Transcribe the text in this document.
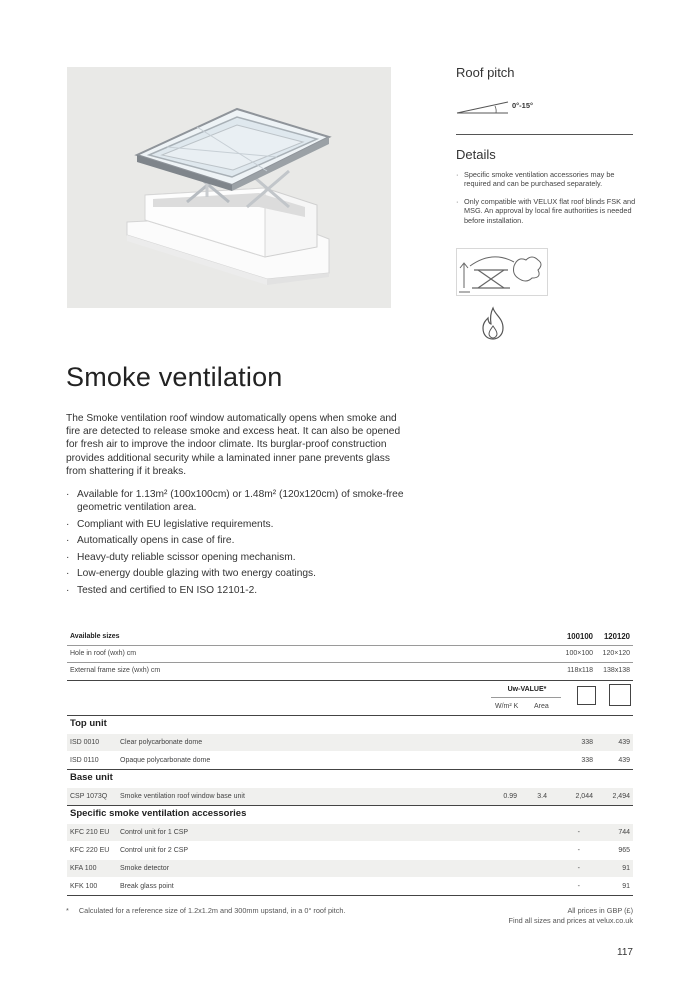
Roof pitch
0°-15°
Details
· Specific smoke ventilation accessories may be required and can be purchased separately.
· Only compatible with VELUX flat roof blinds FSK and MSG. An approval by local fire authorities is needed before installation.
Smoke ventilation
The Smoke ventilation roof window automatically opens when smoke and fire are detected to release smoke and excess heat. It can also be opened for fresh air to improve the indoor climate. Its burglar-proof construction provides additional security while a laminated inner pane prevents glass from shattering if it breaks.
· Available for 1.13m² (100x100cm) or 1.48m² (120x120cm) of smoke-free geometric ventilation area.
· Compliant with EU legislative requirements.
· Automatically opens in case of fire.
· Heavy-duty reliable scissor opening mechanism.
· Low-energy double glazing with two energy coatings.
· Tested and certified to EN ISO 12101-2.
Available sizes	100100	120120
Hole in roof (wxh) cm	100×100	120×120
External frame size (wxh) cm	118x118	138x138
Uw-VALUE*
W/m² K Area
Top unit
ISD 0010	Clear polycarbonate dome	338	439
ISD 0110	Opaque polycarbonate dome	338	439
Base unit
CSP 1073Q Smoke ventilation roof window base unit	0.99	3.4	2,044	2,494
Specific smoke ventilation accessories
KFC 210 EU Control unit for 1 CSP	-	744
KFC 220 EU Control unit for 2 CSP	-	965
KFA 100	Smoke detector	-	91
KFK 100	Break glass point	-	91
* Calculated for a reference size of 1.2x1.2m and 300mm upstand, in a 0° roof pitch.	All prices in GBP (£)
Find all sizes and prices at velux.co.uk
117
